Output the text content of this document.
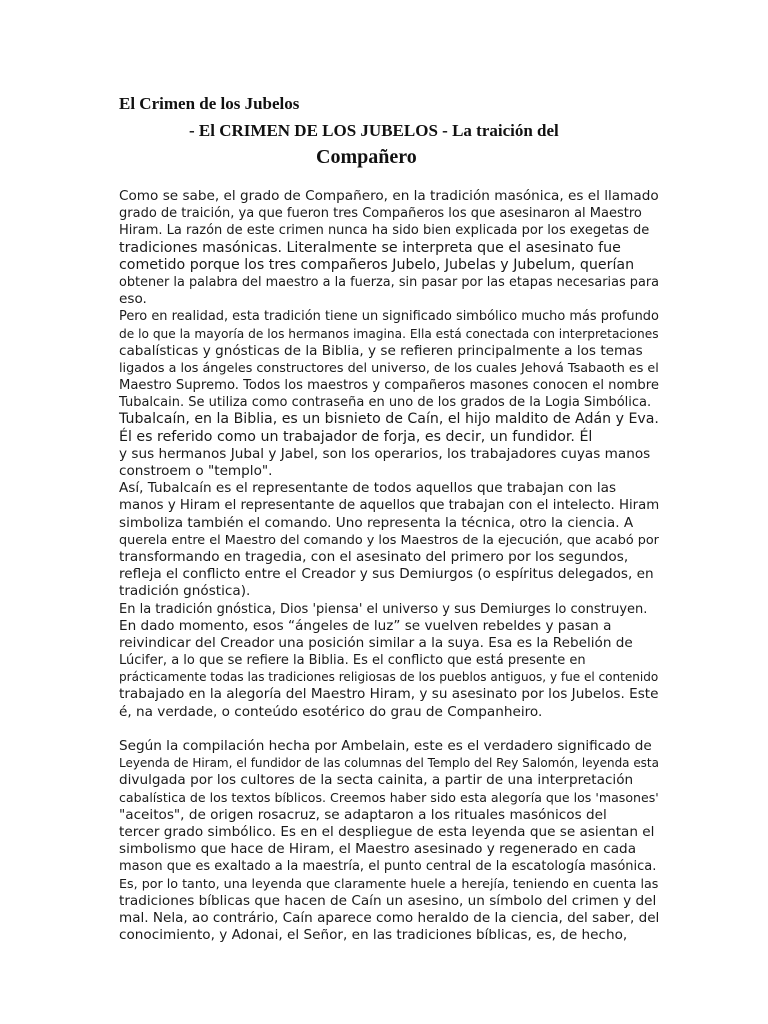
El Crimen de los Jubelos
- El CRIMEN DE LOS JUBELOS - La traición del
Compañero
Como se sabe, el grado de Compañero, en la tradición masónica, es el llamado
grado de traición, ya que fueron tres Compañeros los que asesinaron al Maestro
Hiram. La razón de este crimen nunca ha sido bien explicada por los exegetas de
tradiciones masónicas. Literalmente se interpreta que el asesinato fue
cometido porque los tres compañeros Jubelo, Jubelas y Jubelum, querían
obtener la palabra del maestro a la fuerza, sin pasar por las etapas necesarias para
eso.
Pero en realidad, esta tradición tiene un significado simbólico mucho más profundo
de lo que la mayoría de los hermanos imagina. Ella está conectada con interpretaciones
cabalísticas y gnósticas de la Biblia, y se refieren principalmente a los temas
ligados a los ángeles constructores del universo, de los cuales Jehová Tsabaoth es el
Maestro Supremo. Todos los maestros y compañeros masones conocen el nombre
Tubalcain. Se utiliza como contraseña en uno de los grados de la Logia Simbólica.
Tubalcaín, en la Biblia, es un bisnieto de Caín, el hijo maldito de Adán y Eva.
Él es referido como un trabajador de forja, es decir, un fundidor. Él
y sus hermanos Jubal y Jabel, son los operarios, los trabajadores cuyas manos
constroem o "templo".
Así, Tubalcaín es el representante de todos aquellos que trabajan con las
manos y Hiram el representante de aquellos que trabajan con el intelecto. Hiram
simboliza también el comando. Uno representa la técnica, otro la ciencia. A
querela entre el Maestro del comando y los Maestros de la ejecución, que acabó por
transformando en tragedia, con el asesinato del primero por los segundos,
refleja el conflicto entre el Creador y sus Demiurgos (o espíritus delegados, en
tradición gnóstica).
En la tradición gnóstica, Dios 'piensa' el universo y sus Demiurges lo construyen.
En dado momento, esos “ángeles de luz” se vuelven rebeldes y pasan a
reivindicar del Creador una posición similar a la suya. Esa es la Rebelión de
Lúcifer, a lo que se refiere la Biblia. Es el conflicto que está presente en
prácticamente todas las tradiciones religiosas de los pueblos antiguos, y fue el contenido
trabajado en la alegoría del Maestro Hiram, y su asesinato por los Jubelos. Este
é, na verdade, o conteúdo esotérico do grau de Companheiro.
Según la compilación hecha por Ambelain, este es el verdadero significado de
Leyenda de Hiram, el fundidor de las columnas del Templo del Rey Salomón, leyenda esta
divulgada por los cultores de la secta cainita, a partir de una interpretación
cabalística de los textos bíblicos. Creemos haber sido esta alegoría que los 'masones'
"aceitos", de origen rosacruz, se adaptaron a los rituales masónicos del
tercer grado simbólico. Es en el despliegue de esta leyenda que se asientan el
simbolismo que hace de Hiram, el Maestro asesinado y regenerado en cada
mason que es exaltado a la maestría, el punto central de la escatología masónica.
Es, por lo tanto, una leyenda que claramente huele a herejía, teniendo en cuenta las
tradiciones bíblicas que hacen de Caín un asesino, un símbolo del crimen y del
mal. Nela, ao contrário, Caín aparece como heraldo de la ciencia, del saber, del
conocimiento, y Adonai, el Señor, en las tradiciones bíblicas, es, de hecho,
